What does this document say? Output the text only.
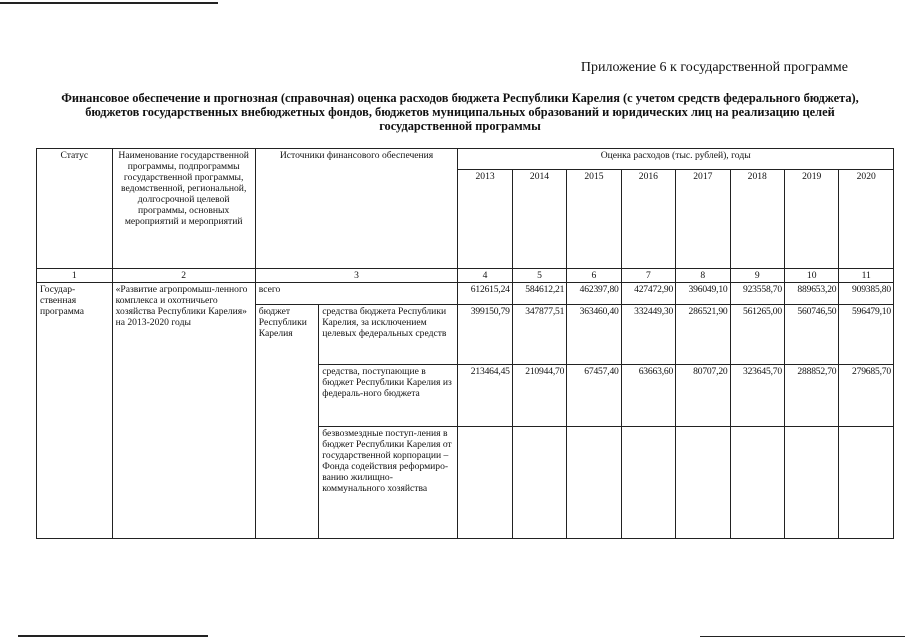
Приложение 6 к государственной программе
Финансовое обеспечение и прогнозная (справочная) оценка расходов бюджета Республики Карелия (с учетом средств федерального бюджета), бюджетов государственных внебюджетных фондов, бюджетов муниципальных образований и юридических лиц на реализацию целей государственной программы
Статус	Наименование государственной программы, подпрограммы государственной программы, ведомственной, региональной, долгосрочной целевой программы, основных мероприятий и мероприятий	Источники финансового обеспечения		Оценка расходов (тыс. рублей), годы							
				2013	2014	2015	2016	2017	2018	2019	2020
1	2	3		4	5	6	7	8	9	10	11
Государ-ственная программа	«Развитие агропромыш-ленного комплекса и охотничьего хозяйства Республики Карелия» на 2013-2020 годы	всего		612615,24	584612,21	462397,80	427472,90	396049,10	923558,70	889653,20	909385,80
		бюджет Республики Карелия	средства бюджета Республики Карелия, за исключением целевых федеральных средств	399150,79	347877,51	363460,40	332449,30	286521,90	561265,00	560746,50	596479,10
			средства, поступающие в бюджет Республики Карелия из федераль-ного бюджета	213464,45	210944,70	67457,40	63663,60	80707,20	323645,70	288852,70	279685,70
			безвозмездные поступ-ления в бюджет Республики Карелия от государственной корпорации – Фонда содействия реформиро-ванию жилищно-коммунального хозяйства								
